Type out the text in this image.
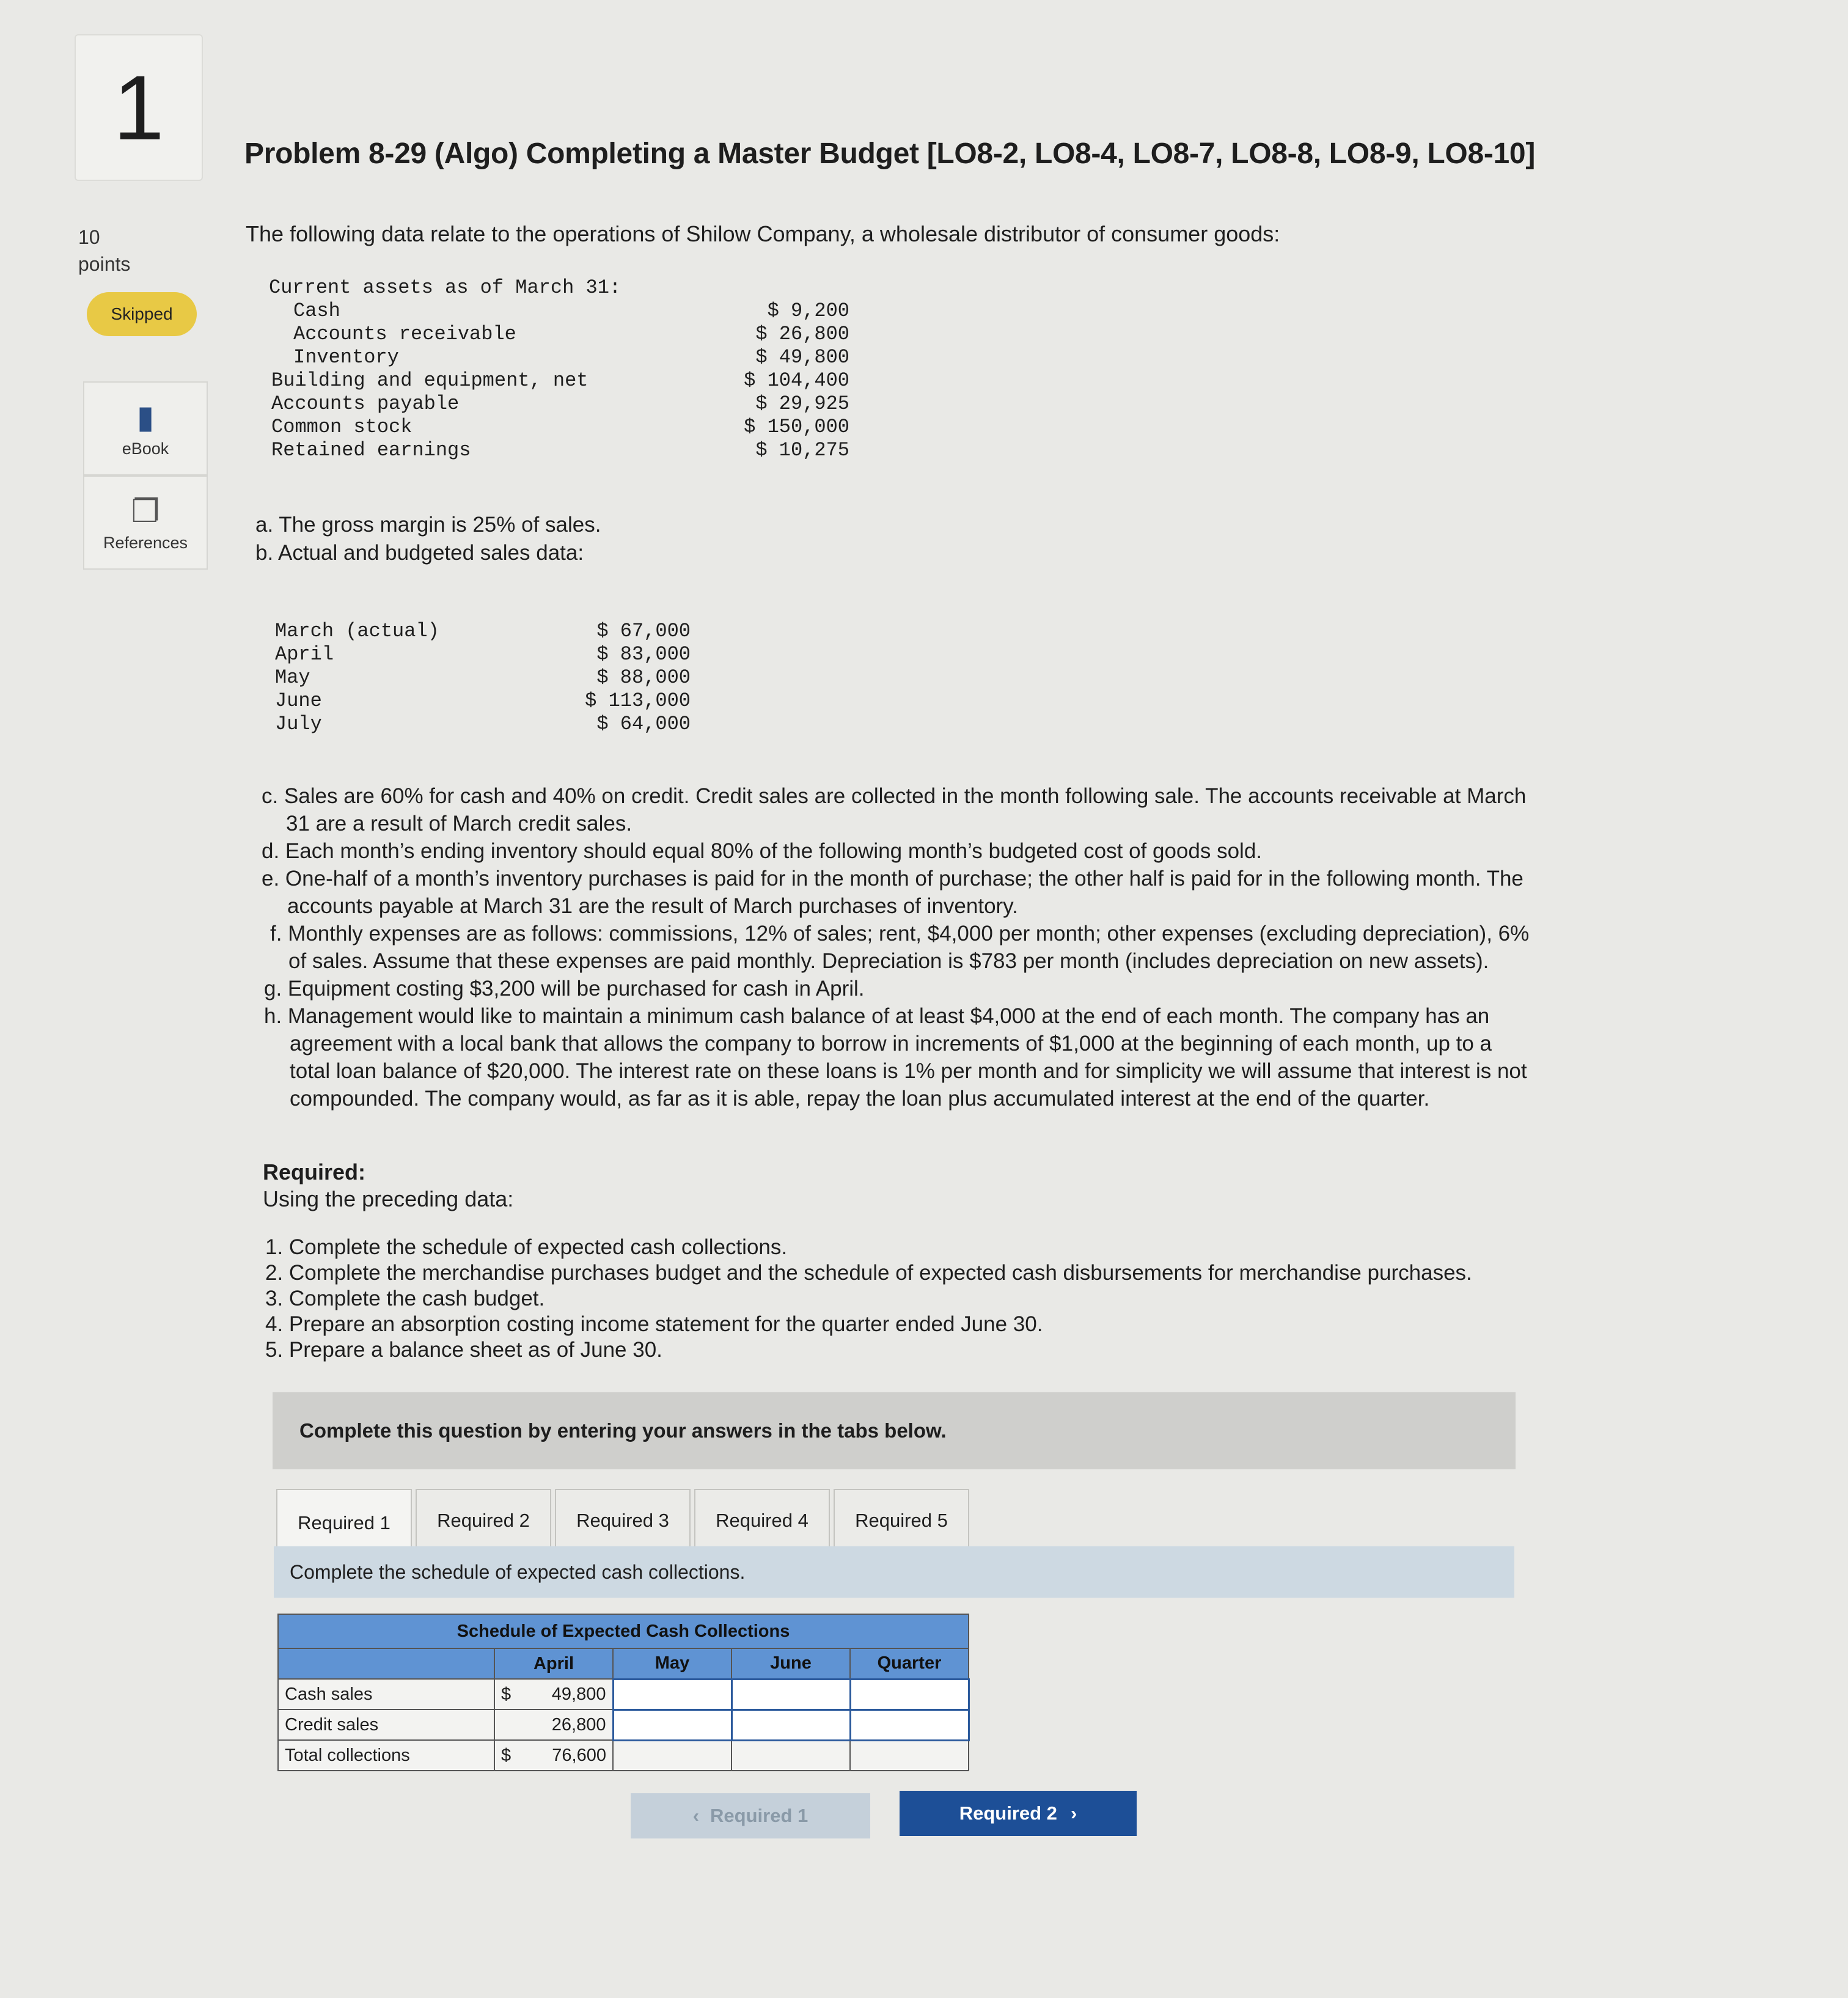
1
10
points
Skipped
▮
eBook
❐
References
Problem 8-29 (Algo) Completing a Master Budget [LO8-2, LO8-4, LO8-7, LO8-8, LO8-9, LO8-10]
The following data relate to the operations of Shilow Company, a wholesale distributor of consumer goods:
Current assets as of March 31:
Cash	$ 9,200
Accounts receivable	$ 26,800
Inventory	$ 49,800
Building and equipment, net	$ 104,400
Accounts payable	$ 29,925
Common stock	$ 150,000
Retained earnings	$ 10,275
a. The gross margin is 25% of sales.
b. Actual and budgeted sales data:
March (actual)	$ 67,000
April	$ 83,000
May	$ 88,000
June	$ 113,000
July	$ 64,000
c. Sales are 60% for cash and 40% on credit. Credit sales are collected in the month following sale. The accounts receivable at March
31 are a result of March credit sales.
d. Each month’s ending inventory should equal 80% of the following month’s budgeted cost of goods sold.
e. One-half of a month’s inventory purchases is paid for in the month of purchase; the other half is paid for in the following month. The
accounts payable at March 31 are the result of March purchases of inventory.
f. Monthly expenses are as follows: commissions, 12% of sales; rent, $4,000 per month; other expenses (excluding depreciation), 6%
of sales. Assume that these expenses are paid monthly. Depreciation is $783 per month (includes depreciation on new assets).
g. Equipment costing $3,200 will be purchased for cash in April.
h. Management would like to maintain a minimum cash balance of at least $4,000 at the end of each month. The company has an
agreement with a local bank that allows the company to borrow in increments of $1,000 at the beginning of each month, up to a
total loan balance of $20,000. The interest rate on these loans is 1% per month and for simplicity we will assume that interest is not
compounded. The company would, as far as it is able, repay the loan plus accumulated interest at the end of the quarter.
Required:
Using the preceding data:
1. Complete the schedule of expected cash collections.
2. Complete the merchandise purchases budget and the schedule of expected cash disbursements for merchandise purchases.
3. Complete the cash budget.
4. Prepare an absorption costing income statement for the quarter ended June 30.
5. Prepare a balance sheet as of June 30.
Complete this question by entering your answers in the tabs below.
Required 1	Required 2	Required 3	Required 4	Required 5
Complete the schedule of expected cash collections.
Schedule of Expected Cash Collections				
	April	May	June	Quarter
Cash sales	$ 49,800			
Credit sales	26,800			
Total collections	$ 76,600			
‹ Required 1	Required 2 ›
